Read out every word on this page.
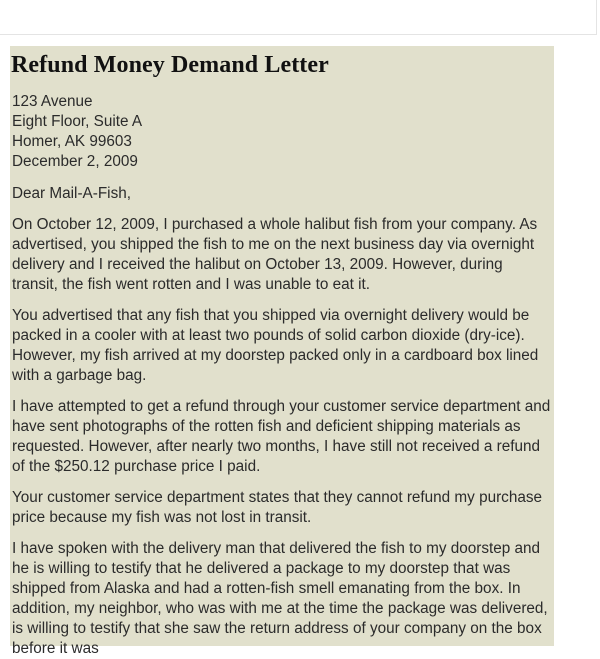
Refund Money Demand Letter
123 Avenue
Eight Floor, Suite A
Homer, AK 99603
December 2, 2009
Dear Mail-A-Fish,
On October 12, 2009, I purchased a whole halibut fish from your company. As advertised, you shipped the fish to me on the next business day via overnight delivery and I received the halibut on October 13, 2009. However, during transit, the fish went rotten and I was unable to eat it.
You advertised that any fish that you shipped via overnight delivery would be packed in a cooler with at least two pounds of solid carbon dioxide (dry-ice). However, my fish arrived at my doorstep packed only in a cardboard box lined with a garbage bag.
I have attempted to get a refund through your customer service department and have sent photographs of the rotten fish and deficient shipping materials as requested. However, after nearly two months, I have still not received a refund of the $250.12 purchase price I paid.
Your customer service department states that they cannot refund my purchase price because my fish was not lost in transit.
I have spoken with the delivery man that delivered the fish to my doorstep and he is willing to testify that he delivered a package to my doorstep that was shipped from Alaska and had a rotten-fish smell emanating from the box. In addition, my neighbor, who was with me at the time the package was delivered, is willing to testify that she saw the return address of your company on the box before it was
